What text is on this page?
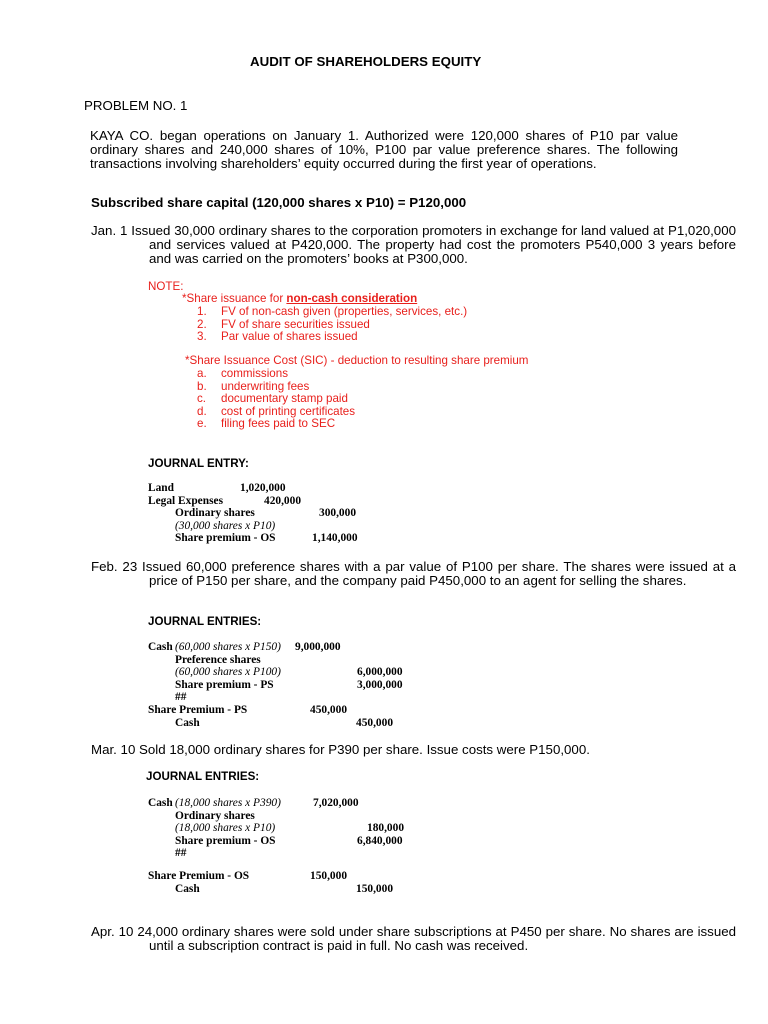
AUDIT OF SHAREHOLDERS EQUITY
PROBLEM NO. 1

KAYA CO. began operations on January 1. Authorized were 120,000 shares of P10 par value ordinary shares and 240,000 shares of 10%, P100 par value preference shares. The following transactions involving shareholders’ equity occurred during the first year of operations.

Subscribed share capital (120,000 shares x P10) = P120,000

Jan. 1 Issued 30,000 ordinary shares to the corporation promoters in exchange for land valued at P1,020,000 and services valued at P420,000. The property had cost the promoters P540,000 3 years before and was carried on the promoters’ books at P300,000.

NOTE:
*Share issuance for non-cash consideration
1. FV of non-cash given (properties, services, etc.)
2. FV of share securities issued
3. Par value of shares issued
*Share Issuance Cost (SIC) - deduction to resulting share premium
a. commissions
b. underwriting fees
c. documentary stamp paid
d. cost of printing certificates
e. filing fees paid to SEC
JOURNAL ENTRY:
Land	1,020,000
Legal Expenses	420,000
Ordinary shares	300,000
(30,000 shares x P10)
Share premium - OS	1,140,000

Feb. 23 Issued 60,000 preference shares with a par value of P100 per share. The shares were issued at a price of P150 per share, and the company paid P450,000 to an agent for selling the shares.

JOURNAL ENTRIES:
Cash (60,000 shares x P150) 9,000,000
Preference shares
(60,000 shares x P100)	6,000,000
Share premium - PS	3,000,000
##
Share Premium - PS	450,000
Cash	450,000
Mar. 10 Sold 18,000 ordinary shares for P390 per share. Issue costs were P150,000.
JOURNAL ENTRIES:
Cash (18,000 shares x P390)	7,020,000
Ordinary shares
(18,000 shares x P10)	180,000
Share premium - OS	6,840,000
##
Share Premium - OS	150,000
Cash	150,000

Apr. 10 24,000 ordinary shares were sold under share subscriptions at P450 per share. No shares are issued until a subscription contract is paid in full. No cash was received.
